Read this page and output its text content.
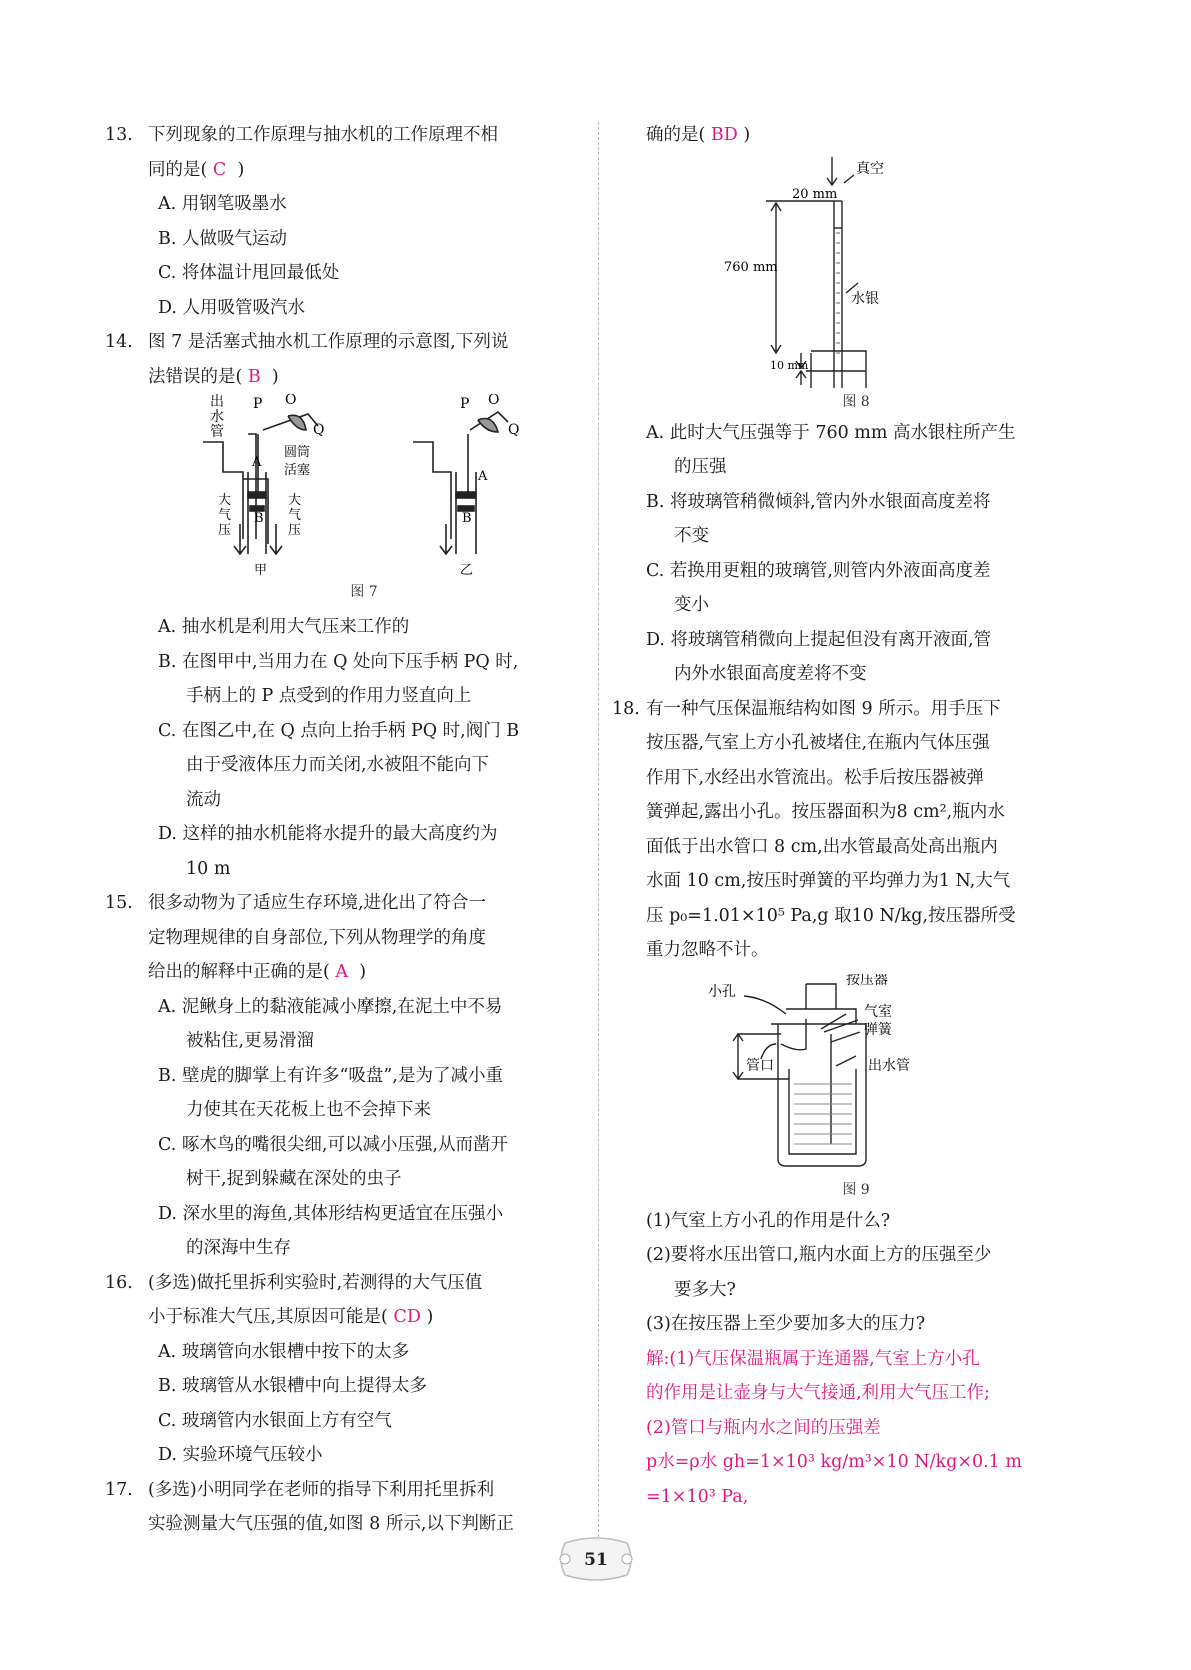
13. 下列现象的工作原理与抽水机的工作原理不相
同的是( C )
A. 用钢笔吸墨水
B. 人做吸气运动
C. 将体温计甩回最低处
D. 人用吸管吸汽水
14. 图 7 是活塞式抽水机工作原理的示意图,下列说
法错误的是( B )
出
水
管
P O
Q
圆筒
活塞
A
B
大
气
压
大
气
压
甲
P O
Q
A
B
乙
图 7
A. 抽水机是利用大气压来工作的
B. 在图甲中,当用力在 Q 处向下压手柄 PQ 时,
手柄上的 P 点受到的作用力竖直向上
C. 在图乙中,在 Q 点向上抬手柄 PQ 时,阀门 B
由于受液体压力而关闭,水被阻不能向下
流动
D. 这样的抽水机能将水提升的最大高度约为
10 m
15. 很多动物为了适应生存环境,进化出了符合一
定物理规律的自身部位,下列从物理学的角度
给出的解释中正确的是( A )
A. 泥鳅身上的黏液能减小摩擦,在泥土中不易
被粘住,更易滑溜
B. 壁虎的脚掌上有许多“吸盘”,是为了减小重
力使其在天花板上也不会掉下来
C. 啄木鸟的嘴很尖细,可以减小压强,从而凿开
树干,捉到躲藏在深处的虫子
D. 深水里的海鱼,其体形结构更适宜在压强小
的深海中生存
16. (多选)做托里拆利实验时,若测得的大气压值
小于标准大气压,其原因可能是( CD )
A. 玻璃管向水银槽中按下的太多
B. 玻璃管从水银槽中向上提得太多
C. 玻璃管内水银面上方有空气
D. 实验环境气压较小
17. (多选)小明同学在老师的指导下利用托里拆利
实验测量大气压强的值,如图 8 所示,以下判断正
确的是( BD )
20 mm
真空
760 mm
水银
10 mm
图 8
A. 此时大气压强等于 760 mm 高水银柱所产生
的压强
B. 将玻璃管稍微倾斜,管内外水银面高度差将
不变
C. 若换用更粗的玻璃管,则管内外液面高度差
变小
D. 将玻璃管稍微向上提起但没有离开液面,管
内外水银面高度差将不变
18. 有一种气压保温瓶结构如图 9 所示。用手压下
按压器,气室上方小孔被堵住,在瓶内气体压强
作用下,水经出水管流出。松手后按压器被弹
簧弹起,露出小孔。按压器面积为8 cm²,瓶内水
面低于出水管口 8 cm,出水管最高处高出瓶内
水面 10 cm,按压时弹簧的平均弹力为1 N,大气
压 p₀=1.01×10⁵ Pa,g 取10 N/kg,按压器所受
重力忽略不计。
小孔
按压器
气室
弹簧
管口	出水管
图 9
(1)气室上方小孔的作用是什么?
(2)要将水压出管口,瓶内水面上方的压强至少
要多大?
(3)在按压器上至少要加多大的压力?
解:(1)气压保温瓶属于连通器,气室上方小孔
的作用是让壶身与大气接通,利用大气压工作;
(2)管口与瓶内水之间的压强差
p水=ρ水 gh=1×10³ kg/m³×10 N/kg×0.1 m
=1×10³ Pa,
51
